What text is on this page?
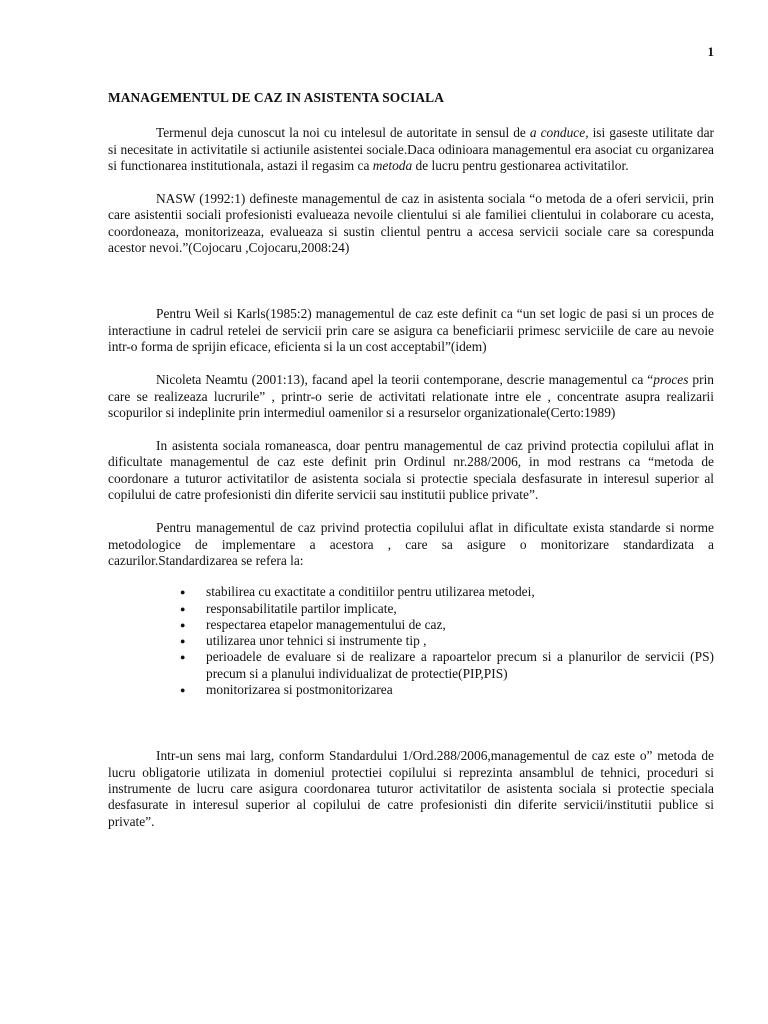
1
MANAGEMENTUL DE CAZ IN ASISTENTA SOCIALA

Termenul deja cunoscut la noi cu intelesul de autoritate in sensul de a conduce, isi gaseste utilitate dar si necesitate in activitatile si actiunile asistentei sociale.Daca odinioara managementul era asociat cu organizarea si functionarea institutionala, astazi il regasim ca metoda de lucru pentru gestionarea activitatilor.

NASW (1992:1) defineste managementul de caz in asistenta sociala “o metoda de a oferi servicii, prin care asistentii sociali profesionisti evalueaza nevoile clientului si ale familiei clientului in colaborare cu acesta, coordoneaza, monitorizeaza, evalueaza si sustin clientul pentru a accesa servicii sociale care sa corespunda acestor nevoi.”(Cojocaru ,Cojocaru,2008:24)

Pentru Weil si Karls(1985:2) managementul de caz este definit ca “un set logic de pasi si un proces de interactiune in cadrul retelei de servicii prin care se asigura ca beneficiarii primesc serviciile de care au nevoie intr-o forma de sprijin eficace, eficienta si la un cost acceptabil”(idem)

Nicoleta Neamtu (2001:13), facand apel la teorii contemporane, descrie managementul ca “proces prin care se realizeaza lucrurile” , printr-o serie de activitati relationate intre ele , concentrate asupra realizarii scopurilor si indeplinite prin intermediul oamenilor si a resurselor organizationale(Certo:1989)

In asistenta sociala romaneasca, doar pentru managementul de caz privind protectia copilului aflat in dificultate managementul de caz este definit prin Ordinul nr.288/2006, in mod restrans ca “metoda de coordonare a tuturor activitatilor de asistenta sociala si protectie speciala desfasurate in interesul superior al copilului de catre profesionisti din diferite servicii sau institutii publice private”.

Pentru managementul de caz privind protectia copilului aflat in dificultate exista standarde si norme metodologice de implementare a acestora , care sa asigure o monitorizare standardizata a cazurilor.Standardizarea se refera la:

● stabilirea cu exactitate a conditiilor pentru utilizarea metodei,
● responsabilitatile partilor implicate,
● respectarea etapelor managementului de caz,
● utilizarea unor tehnici si instrumente tip ,
● perioadele de evaluare si de realizare a rapoartelor precum si a planurilor de servicii (PS) precum si a planului individualizat de protectie(PIP,PIS)
● monitorizarea si postmonitorizarea

Intr-un sens mai larg, conform Standardului 1/Ord.288/2006,managementul de caz este o” metoda de lucru obligatorie utilizata in domeniul protectiei copilului si reprezinta ansamblul de tehnici, proceduri si instrumente de lucru care asigura coordonarea tuturor activitatilor de asistenta sociala si protectie speciala desfasurate in interesul superior al copilului de catre profesionisti din diferite servicii/institutii publice si private”.
